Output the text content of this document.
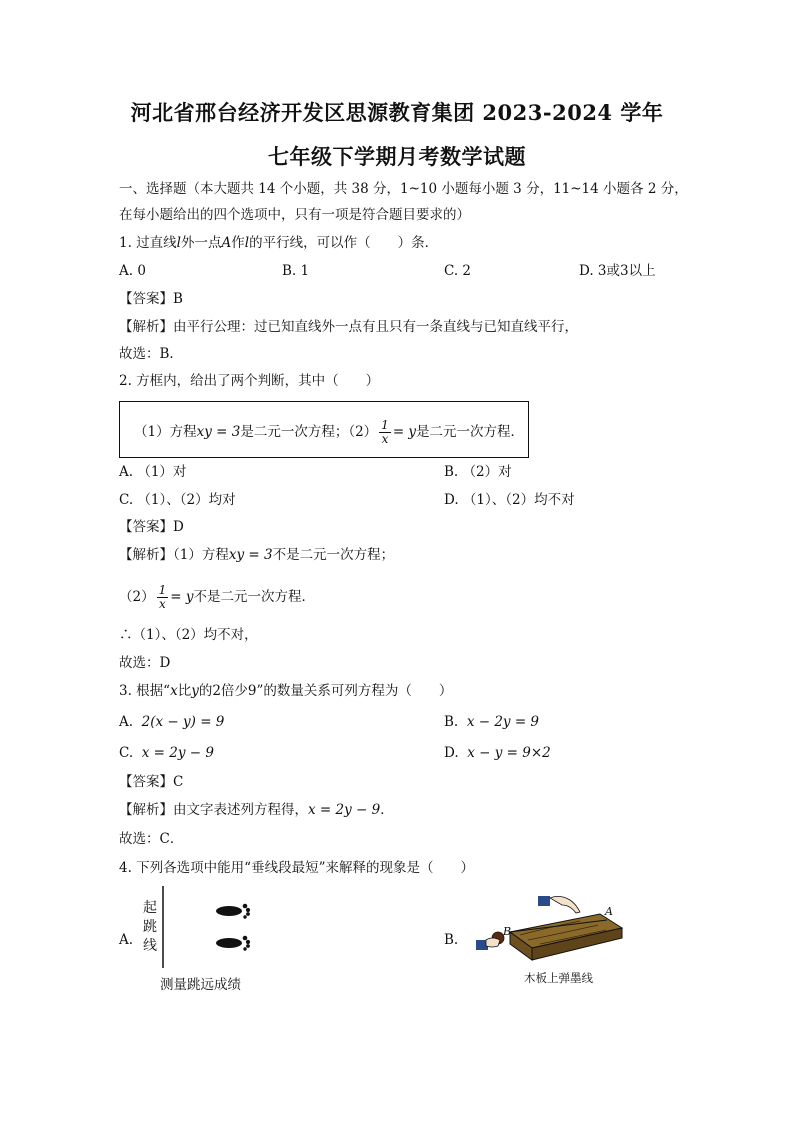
河北省邢台经济开发区思源教育集团 2023-2024 学年
七年级下学期月考数学试题
一、选择题（本大题共 14 个小题，共 38 分，1~10 小题每小题 3 分，11~14 小题各 2 分，
在每小题给出的四个选项中，只有一项是符合题目要求的）
1. 过直线l外一点A作l的平行线，可以作（　　）条．
A. 0	B. 1	C. 2	D. 3或3以上
【答案】B
【解析】由平行公理：过已知直线外一点有且只有一条直线与已知直线平行，
故选：B．
2. 方框内，给出了两个判断，其中（　　）
（1）方程xy = 3是二元一次方程；$(2) \frac{1}{x} = y$是二元一次方程．
A. （1）对	B. （2）对
C. （1）、（2）均对	D. （1）、（2）均不对
【答案】D
【解析】（1）方程xy = 3不是二元一次方程；
$(2) \frac{1}{x} = y$不是二元一次方程．
∴（1）、（2）均不对，
故选：D
3. 根据“x比y的2倍少9”的数量关系可列方程为（　　）
A. 2(x − y) = 9	B. x − 2y = 9
C. x = 2y − 9	D. x − y = 9×2
【答案】C
【解析】由文字表述列方程得，x = 2y − 9．
故选：C．
4. 下列各选项中能用“垂线段最短”来解释的现象是（　　）
A.
起
跳
线
测量跳远成绩
B.
A
B
木板上弹墨线
